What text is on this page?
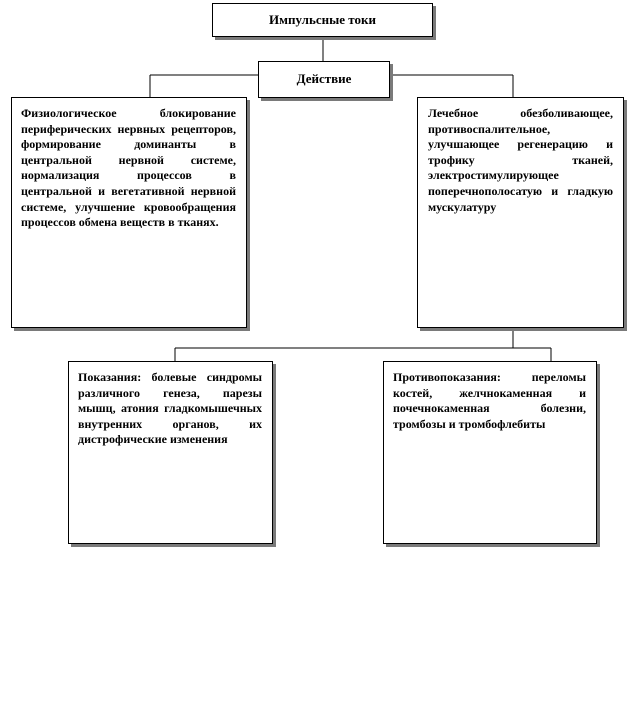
Импульсные токи
Действие
Физиологическое блокирование периферических нервных рецепторов, формирование доминанты в центральной нервной системе, нормализация процессов в центральной и вегетативной нервной системе, улучшение кровообращения процессов обмена веществ в тканях.
Лечебное обезболивающее, противоспалительное, улучшающее регенерацию и трофику тканей, электростимулирующее поперечнополосатую и гладкую мускулатуру
Показания: болевые синдромы различного генеза, парезы мышц, атония гладкомышечных внутренних органов, их дистрофические изменения
Противопоказания: переломы костей, желчнокаменная и почечнокаменная болезни, тромбозы и тромбофлебиты
